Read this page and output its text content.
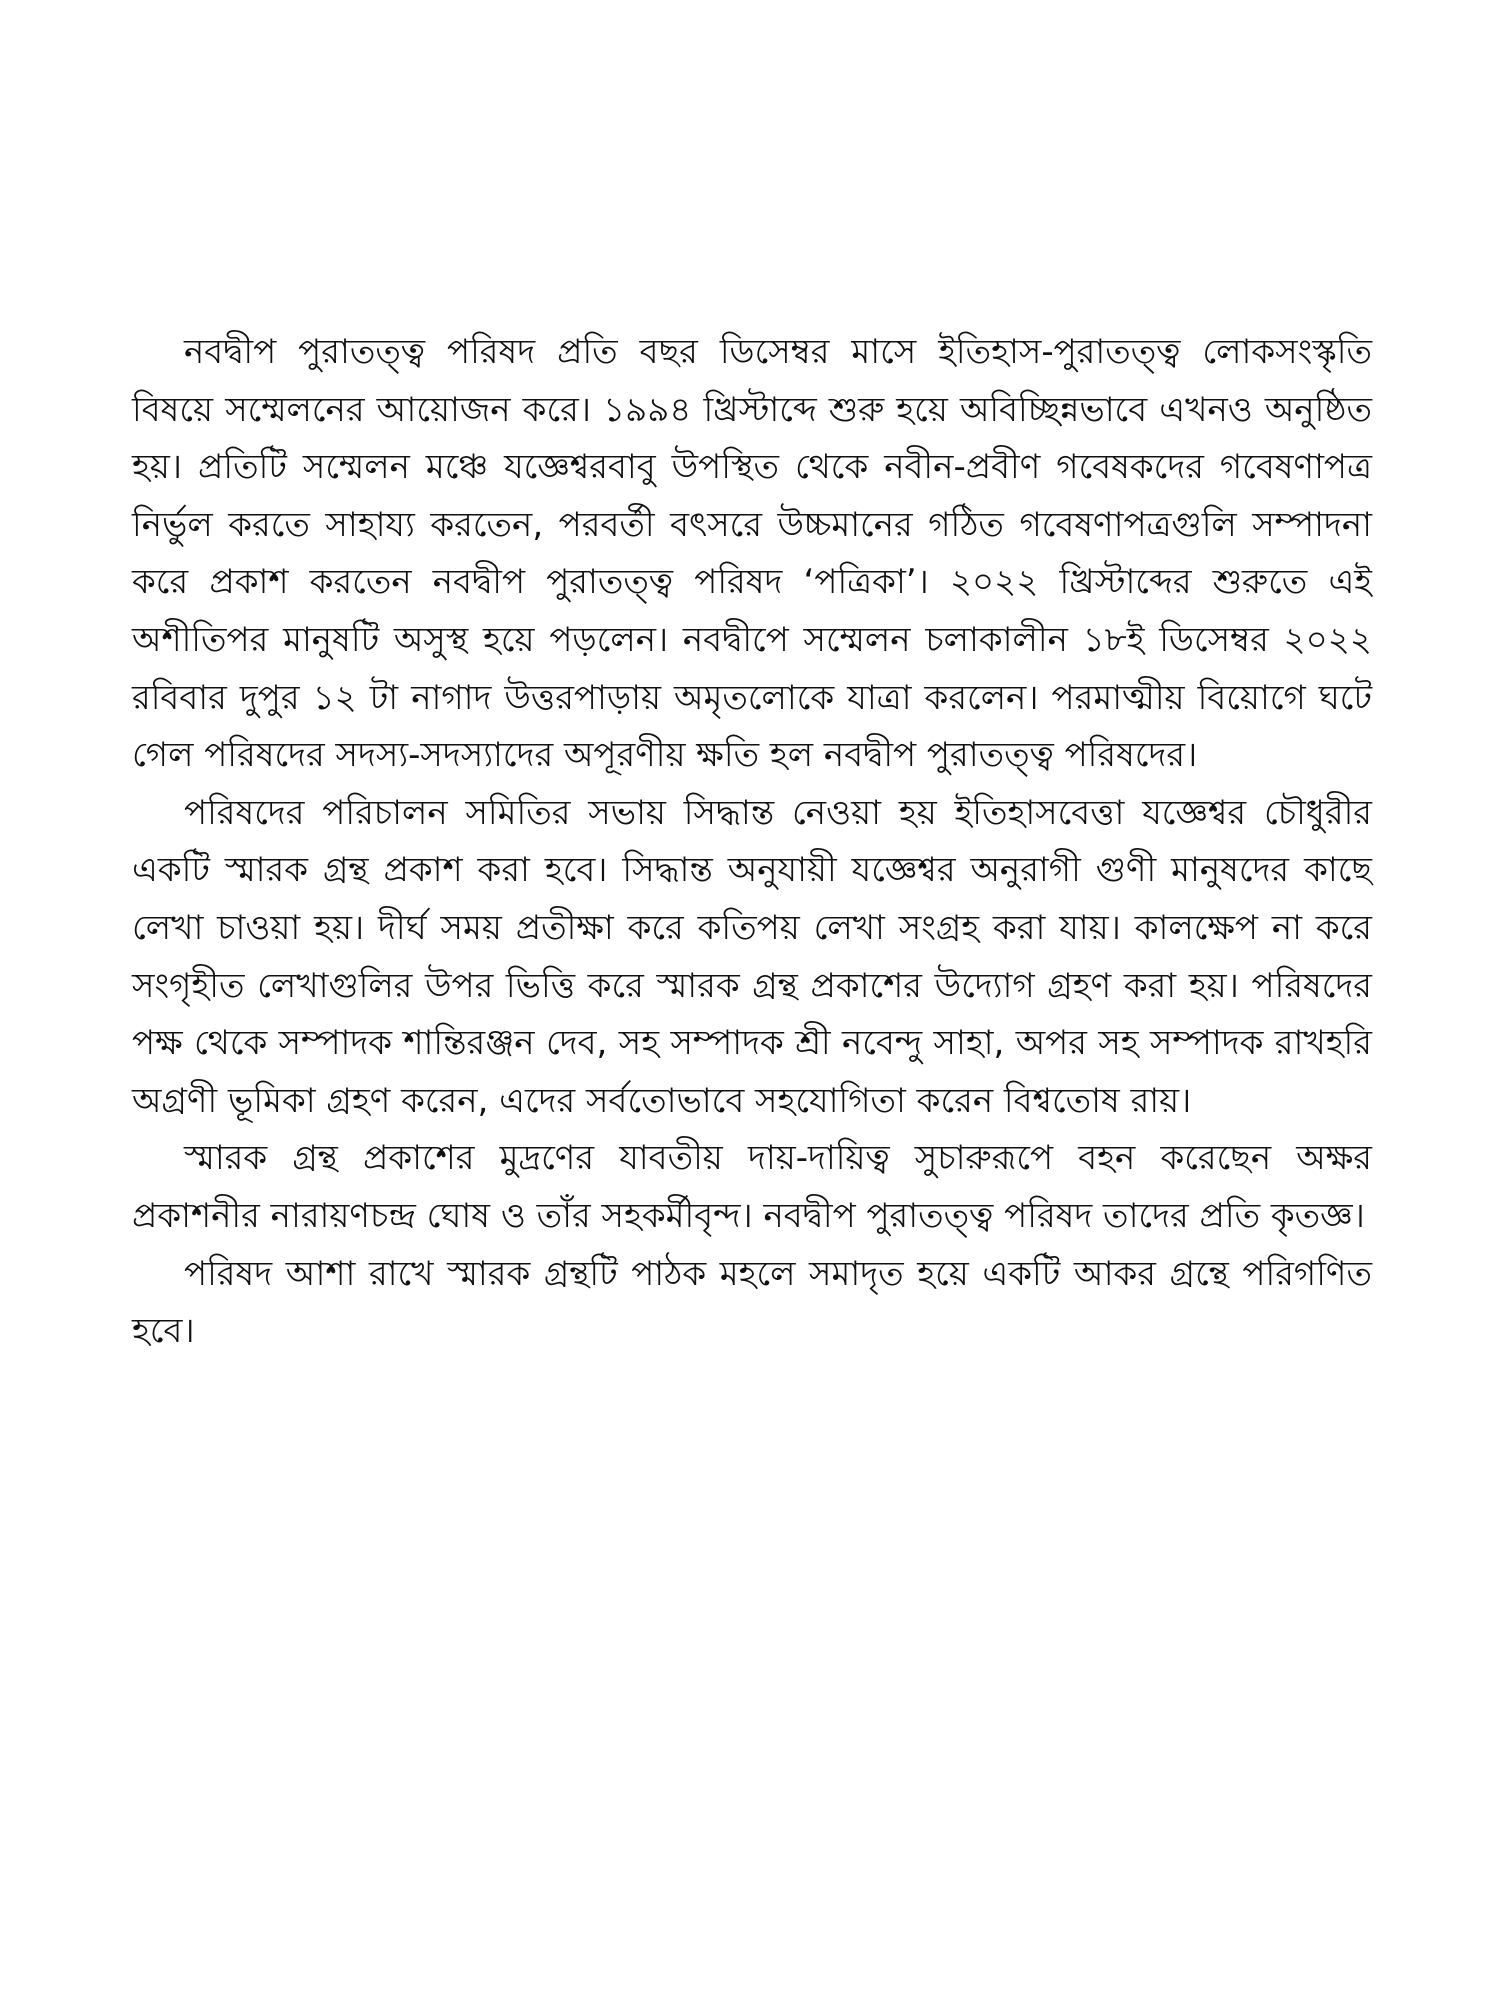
নবদ্বীপ পুরাতত্ত্ব পরিষদ প্রতি বছর ডিসেম্বর মাসে ইতিহাস-পুরাতত্ত্ব লোকসংস্কৃতি বিষয়ে সম্মেলনের আয়োজন করে। ১৯৯৪ খ্রিস্টাব্দে শুরু হয়ে অবিচ্ছিন্নভাবে এখনও অনুষ্ঠিত হয়। প্রতিটি সম্মেলন মঞ্চে যজ্ঞেশ্বরবাবু উপস্থিত থেকে নবীন-প্রবীণ গবেষকদের গবেষণাপত্র নির্ভুল করতে সাহায্য করতেন, পরবর্তী বৎসরে উচ্চমানের গঠিত গবেষণাপত্রগুলি সম্পাদনা করে প্রকাশ করতেন নবদ্বীপ পুরাতত্ত্ব পরিষদ ‘পত্রিকা’। ২০২২ খ্রিস্টাব্দের শুরুতে এই অশীতিপর মানুষটি অসুস্থ হয়ে পড়লেন। নবদ্বীপে সম্মেলন চলাকালীন ১৮ই ডিসেম্বর ২০২২ রবিবার দুপুর ১২ টা নাগাদ উত্তরপাড়ায় অমৃতলোকে যাত্রা করলেন। পরমাত্মীয় বিয়োগে ঘটে গেল পরিষদের সদস্য-সদস্যাদের অপূরণীয় ক্ষতি হল নবদ্বীপ পুরাতত্ত্ব পরিষদের।

পরিষদের পরিচালন সমিতির সভায় সিদ্ধান্ত নেওয়া হয় ইতিহাসবেত্তা যজ্ঞেশ্বর চৌধুরীর একটি স্মারক গ্রন্থ প্রকাশ করা হবে। সিদ্ধান্ত অনুযায়ী যজ্ঞেশ্বর অনুরাগী গুণী মানুষদের কাছে লেখা চাওয়া হয়। দীর্ঘ সময় প্রতীক্ষা করে কতিপয় লেখা সংগ্রহ করা যায়। কালক্ষেপ না করে সংগৃহীত লেখাগুলির উপর ভিত্তি করে স্মারক গ্রন্থ প্রকাশের উদ্যোগ গ্রহণ করা হয়। পরিষদের পক্ষ থেকে সম্পাদক শান্তিরঞ্জন দেব, সহ সম্পাদক শ্রী নবেন্দু সাহা, অপর সহ সম্পাদক রাখহরি অগ্রণী ভূমিকা গ্রহণ করেন, এদের সর্বতোভাবে সহযোগিতা করেন বিশ্বতোষ রায়।

স্মারক গ্রন্থ প্রকাশের মুদ্রণের যাবতীয় দায়-দায়িত্ব সুচারুরূপে বহন করেছেন অক্ষর প্রকাশনীর নারায়ণচন্দ্র ঘোষ ও তাঁর সহকর্মীবৃন্দ। নবদ্বীপ পুরাতত্ত্ব পরিষদ তাদের প্রতি কৃতজ্ঞ।

পরিষদ আশা রাখে স্মারক গ্রন্থটি পাঠক মহলে সমাদৃত হয়ে একটি আকর গ্রন্থে পরিগণিত হবে।
